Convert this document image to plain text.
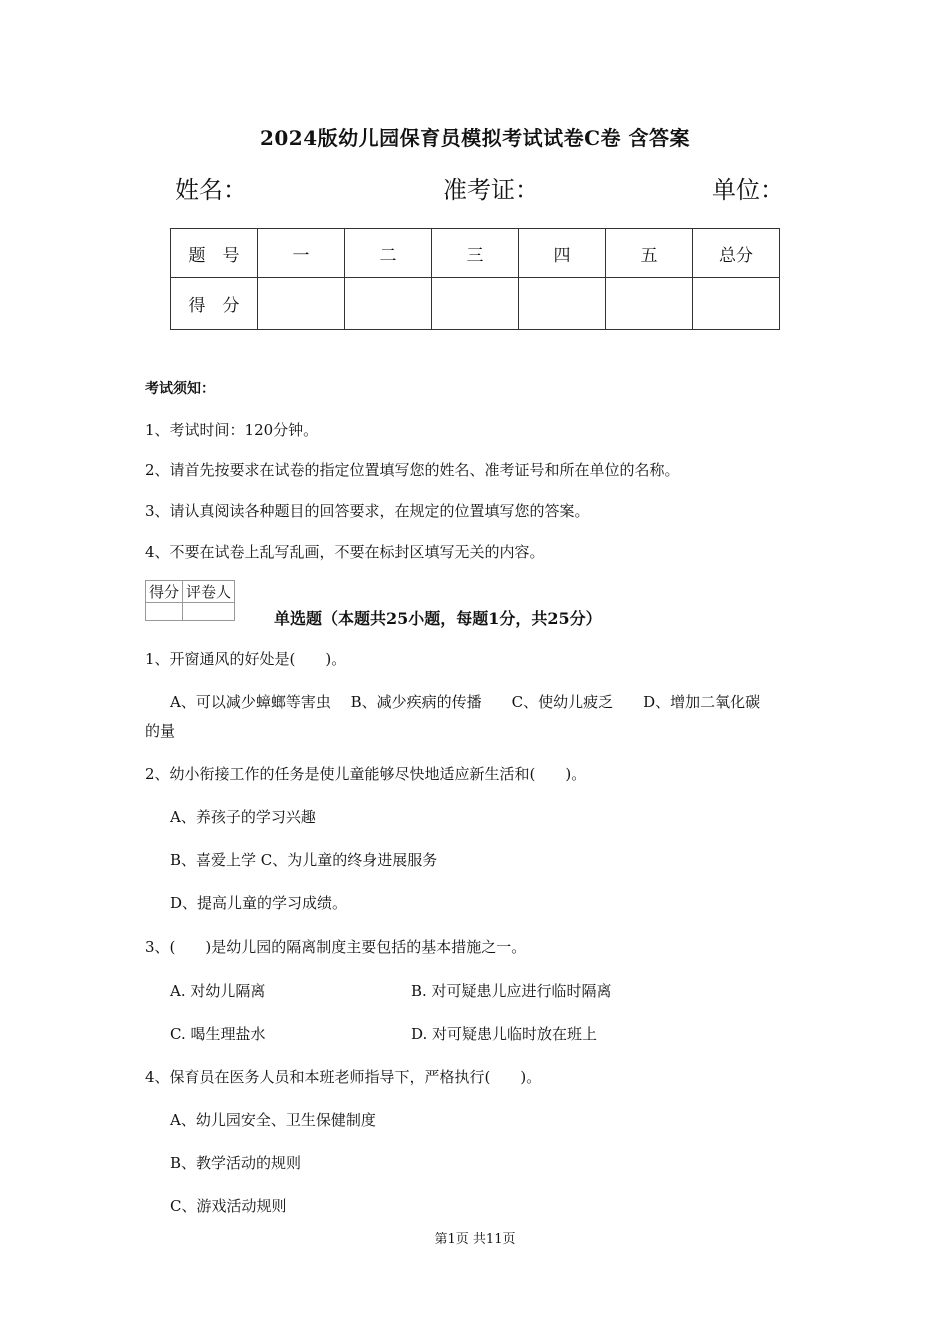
2024版幼儿园保育员模拟考试试卷C卷 含答案
姓名：	准考证：	单位：
题　号	一	二	三	四	五	总分
得　分						
考试须知：
1、考试时间：120分钟。
2、请首先按要求在试卷的指定位置填写您的姓名、准考证号和所在单位的名称。
3、请认真阅读各种题目的回答要求，在规定的位置填写您的答案。
4、不要在试卷上乱写乱画，不要在标封区填写无关的内容。
得分	评卷人

单选题（本题共25小题，每题1分，共25分）
1、开窗通风的好处是(　　)。
A、可以减少蟑螂等害虫　 B、减少疾病的传播　　C、使幼儿疲乏　　D、增加二氧化碳
的量
2、幼小衔接工作的任务是使儿童能够尽快地适应新生活和(　　)。
A、养孩子的学习兴趣
B、喜爱上学 C、为儿童的终身进展服务
D、提高儿童的学习成绩。
3、(　　)是幼儿园的隔离制度主要包括的基本措施之一。
A. 对幼儿隔离	B. 对可疑患儿应进行临时隔离
C. 喝生理盐水	D. 对可疑患儿临时放在班上
4、保育员在医务人员和本班老师指导下，严格执行(　　)。
A、幼儿园安全、卫生保健制度
B、教学活动的规则
C、游戏活动规则
第1页 共11页
